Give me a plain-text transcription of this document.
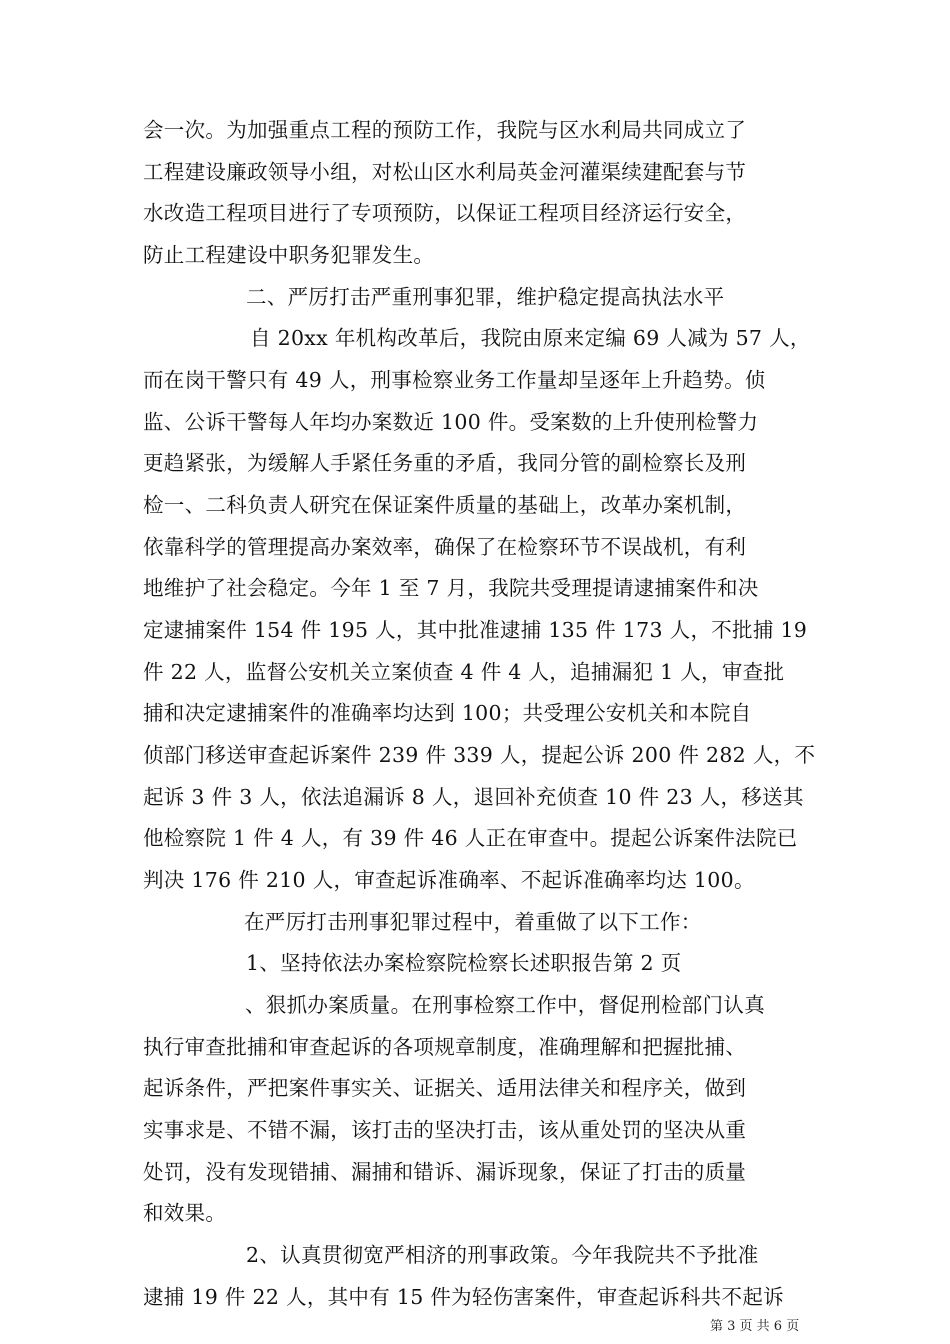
会一次。为加强重点工程的预防工作，我院与区水利局共同成立了
工程建设廉政领导小组，对松山区水利局英金河灌渠续建配套与节
水改造工程项目进行了专项预防，以保证工程项目经济运行安全，
防止工程建设中职务犯罪发生。
二、严厉打击严重刑事犯罪，维护稳定提高执法水平
自 20xx 年机构改革后，我院由原来定编 69 人减为 57 人，
而在岗干警只有 49 人，刑事检察业务工作量却呈逐年上升趋势。侦
监、公诉干警每人年均办案数近 100 件。受案数的上升使刑检警力
更趋紧张，为缓解人手紧任务重的矛盾，我同分管的副检察长及刑
检一、二科负责人研究在保证案件质量的基础上，改革办案机制，
依靠科学的管理提高办案效率，确保了在检察环节不误战机，有利
地维护了社会稳定。今年 1 至 7 月，我院共受理提请逮捕案件和决
定逮捕案件 154 件 195 人，其中批准逮捕 135 件 173 人，不批捕 19
件 22 人，监督公安机关立案侦查 4 件 4 人，追捕漏犯 1 人，审查批
捕和决定逮捕案件的准确率均达到 100；共受理公安机关和本院自
侦部门移送审查起诉案件 239 件 339 人，提起公诉 200 件 282 人，不
起诉 3 件 3 人，依法追漏诉 8 人，退回补充侦查 10 件 23 人，移送其
他检察院 1 件 4 人，有 39 件 46 人正在审查中。提起公诉案件法院已
判决 176 件 210 人，审查起诉准确率、不起诉准确率均达 100。
在严厉打击刑事犯罪过程中，着重做了以下工作：
1、坚持依法办案检察院检察长述职报告第 2 页
、狠抓办案质量。在刑事检察工作中，督促刑检部门认真
执行审查批捕和审查起诉的各项规章制度，准确理解和把握批捕、
起诉条件，严把案件事实关、证据关、适用法律关和程序关，做到
实事求是、不错不漏，该打击的坚决打击，该从重处罚的坚决从重
处罚，没有发现错捕、漏捕和错诉、漏诉现象，保证了打击的质量
和效果。
2、认真贯彻宽严相济的刑事政策。今年我院共不予批准
逮捕 19 件 22 人，其中有 15 件为轻伤害案件，审查起诉科共不起诉
第 3 页 共 6 页
